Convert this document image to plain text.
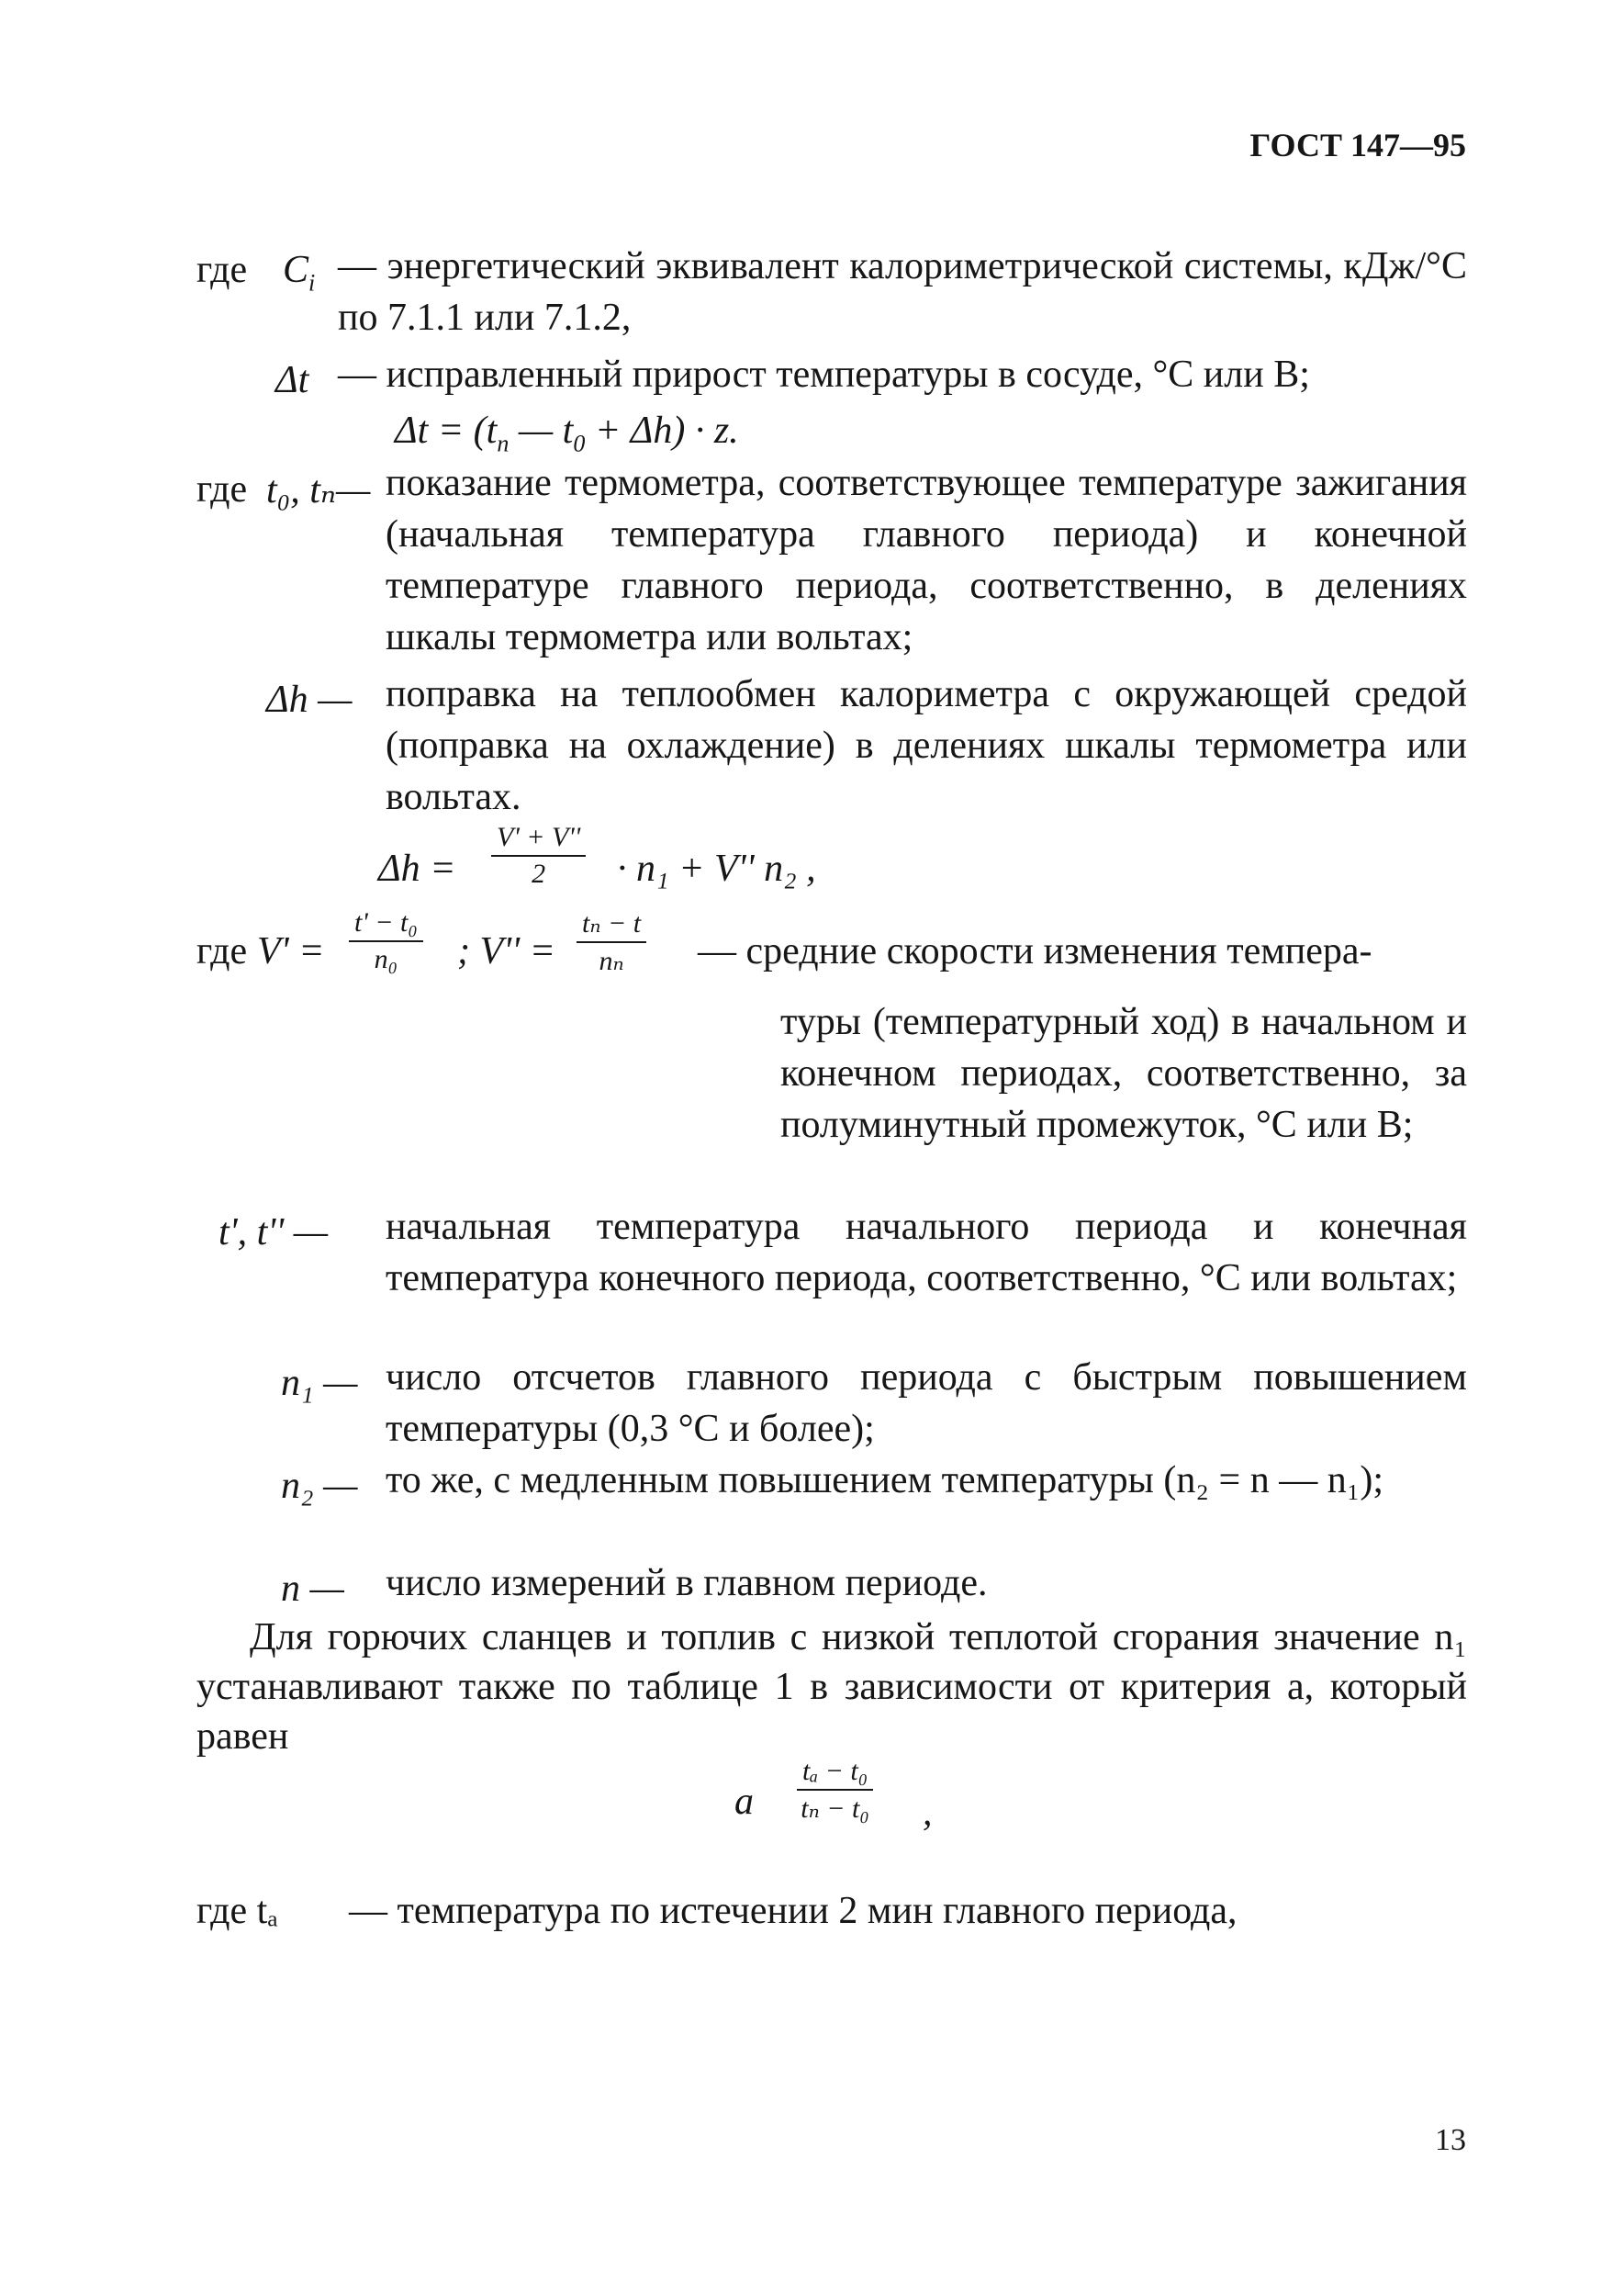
ГОСТ 147—95
где $C_i$ — энергетический эквивалент калориметрической системы, кДж/°С по 7.1.1 или 7.1.2,
Δt — исправленный прирост температуры в сосуде, °С или В;
$\Delta t = (t_n$ — $t_0 + \Delta h) \cdot z$.
где t₀, tₙ— показание термометра, соответствующее температуре зажигания (начальная температура главного периода) и конечной температуре главного периода, соответственно, в делениях шкалы термометра или вольтах;
Δh — поправка на теплообмен калориметра с окружающей средой (поправка на охлаждение) в делениях шкалы термометра или вольтах.
$\Delta h = \frac{V' + V''}{2} \cdot n_1 + V''$ n₂ ,
где $V' = \frac{\text{t' − t₀}}{\text{n₀}}$ ; $V'' = \frac{\text{tₙ − t}}{\text{nₙ}}$ — средние скорости изменения темпера-
туры (температурный ход) в начальном и конечном периодах, соответственно, за полуминутный промежуток, °С или В;
t', t'' — начальная температура начального периода и конечная температура конечного периода, соответственно, °С или вольтах;
n₁ — число отсчетов главного периода с быстрым повышением температуры (0,3 °С и более);
n₂ — то же, с медленным повышением температуры (n₂ = n — n₁);
n — число измерений в главном периоде.
Для горючих сланцев и топлив с низкой теплотой сгорания значение n₁ устанавливают также по таблице 1 в зависимости от критерия a, который равен
a $\frac{\text{tₐ − t₀}}{\text{tₙ − t₀}}$ ,
где tₐ — температура по истечении 2 мин главного периода,
13
